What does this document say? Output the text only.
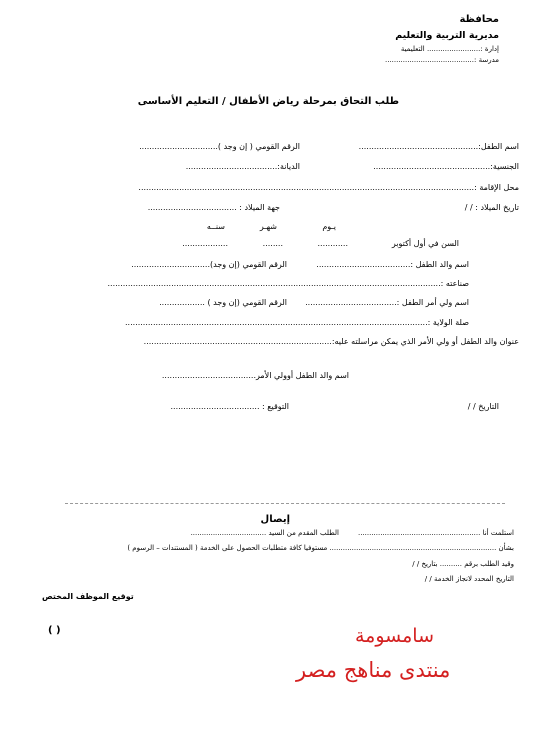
محافظة
مديرية التربية والتعليم
إدارة :........................ التعليمية
مدرسة :........................................
طلب التحاق بمرحلة رياض الأطفال / التعليم الأساسى
اسم الطفل:...............................................
الرقم القومي ( إن وجد )...............................
الجنسية:..............................................
الديانة:....................................
محل الإقامة :....................................................................................................................................
تاريخ الميلاد : / /
جهة الميلاد : ...................................
يـوم
شهـر
سنــه
السن في أول أكتوبر
............
........
..................
اسم والد الطفل :.....................................
الرقم القومي (إن وجد)...............................
صناعته :...................................................................................................................................
اسم ولي أمر الطفل :....................................
الرقم القومي (إن وجد ) ..................
صلة الولاية :.......................................................................................................................
عنوان والد الطفل أو ولي الأمر الذي يمكن مراسلته عليه:..........................................................................
اسم والد الطفل أوولي الأمر.....................................
التاريخ / /
التوقيع : ...................................
إيصال
استلمت أنا .......................................................
الطلب المقدم من السيد ..................................
بشأن ........................................................................... مستوفيا كافة متطلبات الحصول على الخدمة ( المستندات – الرسوم )
وقيد الطلب برقم .......... بتاريخ / /
التاريخ المحدد لانجاز الخدمة / /
توقيع الموظف المختص
( )	سامسومة
منتدى مناهج مصر
